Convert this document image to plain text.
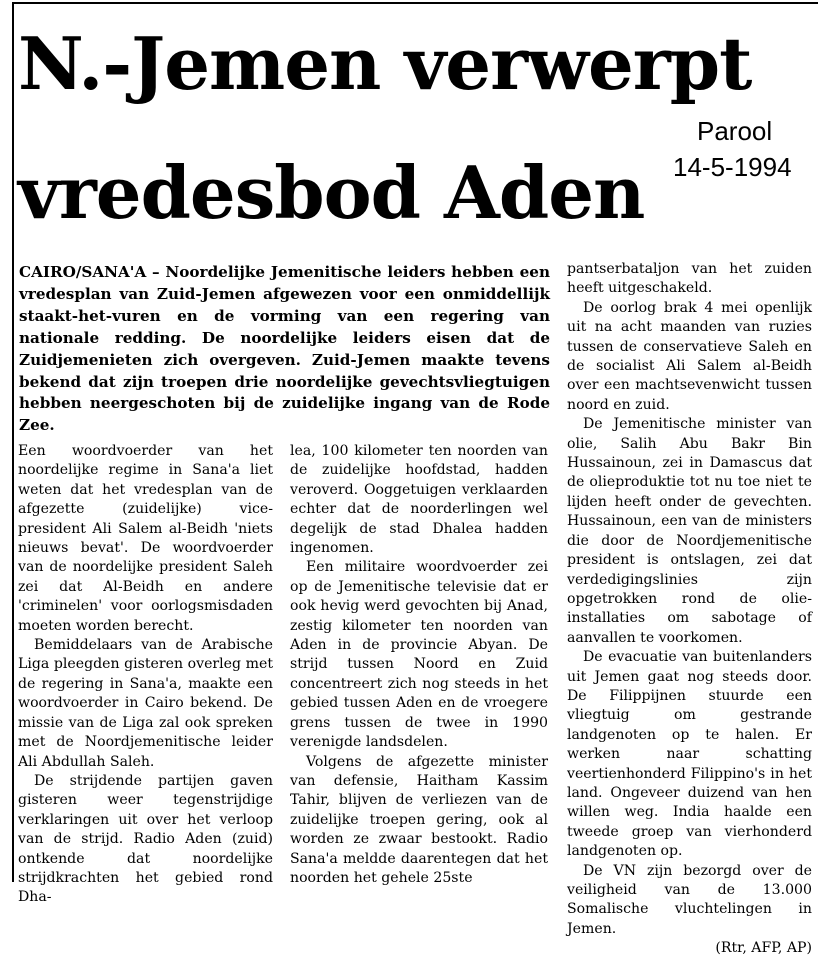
N.-Jemen verwerpt
vredesbod Aden
Parool
14-5-1994

CAIRO/SANA'A – Noordelijke Jemenitische leiders hebben een vredesplan van Zuid-Jemen afgewezen voor een onmiddellijk staakt-het-vuren en de vorming van een regering van nationale redding. De noordelijke leiders eisen dat de Zuidjemenieten zich overgeven. Zuid-Jemen maakte tevens bekend dat zijn troepen drie noordelijke gevechtsvliegtuigen hebben neergeschoten bij de zuidelijke ingang van de Rode Zee.

Een woordvoerder van het noordelijke regime in Sana'a liet weten dat het vredesplan van de afgezette (zuidelijke) vice-president Ali Salem al-Beidh 'niets nieuws bevat'. De woordvoerder van de noordelijke president Saleh zei dat Al-Beidh en andere 'criminelen' voor oorlogsmisdaden moeten worden berecht.

Bemiddelaars van de Arabische Liga pleegden gisteren overleg met de regering in Sana'a, maakte een woordvoerder in Cairo bekend. De missie van de Liga zal ook spreken met de Noordjemenitische leider Ali Abdullah Saleh.

De strijdende partijen gaven gisteren weer tegenstrijdige verklaringen uit over het verloop van de strijd. Radio Aden (zuid) ontkende dat noordelijke strijdkrachten het gebied rond Dha-

lea, 100 kilometer ten noorden van de zuidelijke hoofdstad, hadden veroverd. Ooggetuigen verklaarden echter dat de noorderlingen wel degelijk de stad Dhalea hadden ingenomen.

Een militaire woordvoerder zei op de Jemenitische televisie dat er ook hevig werd gevochten bij Anad, zestig kilometer ten noorden van Aden in de provincie Abyan. De strijd tussen Noord en Zuid concentreert zich nog steeds in het gebied tussen Aden en de vroegere grens tussen de twee in 1990 verenigde landsdelen.

Volgens de afgezette minister van defensie, Haitham Kassim Tahir, blijven de verliezen van de zuidelijke troepen gering, ook al worden ze zwaar bestookt. Radio Sana'a meldde daarentegen dat het noorden het gehele 25ste

pantserbataljon van het zuiden heeft uitgeschakeld.

De oorlog brak 4 mei openlijk uit na acht maanden van ruzies tussen de conservatieve Saleh en de socialist Ali Salem al-Beidh over een machtsevenwicht tussen noord en zuid.

De Jemenitische minister van olie, Salih Abu Bakr Bin Hussainoun, zei in Damascus dat de olieproduktie tot nu toe niet te lijden heeft onder de gevechten. Hussainoun, een van de ministers die door de Noordjemenitische president is ontslagen, zei dat verdedigingslinies zijn opgetrokken rond de olie-installaties om sabotage of aanvallen te voorkomen.

De evacuatie van buitenlanders uit Jemen gaat nog steeds door. De Filippijnen stuurde een vliegtuig om gestrande landgenoten op te halen. Er werken naar schatting veertienhonderd Filippino's in het land. Ongeveer duizend van hen willen weg. India haalde een tweede groep van vierhonderd landgenoten op.

De VN zijn bezorgd over de veiligheid van de 13.000 Somalische vluchtelingen in Jemen.

(Rtr, AFP, AP)
